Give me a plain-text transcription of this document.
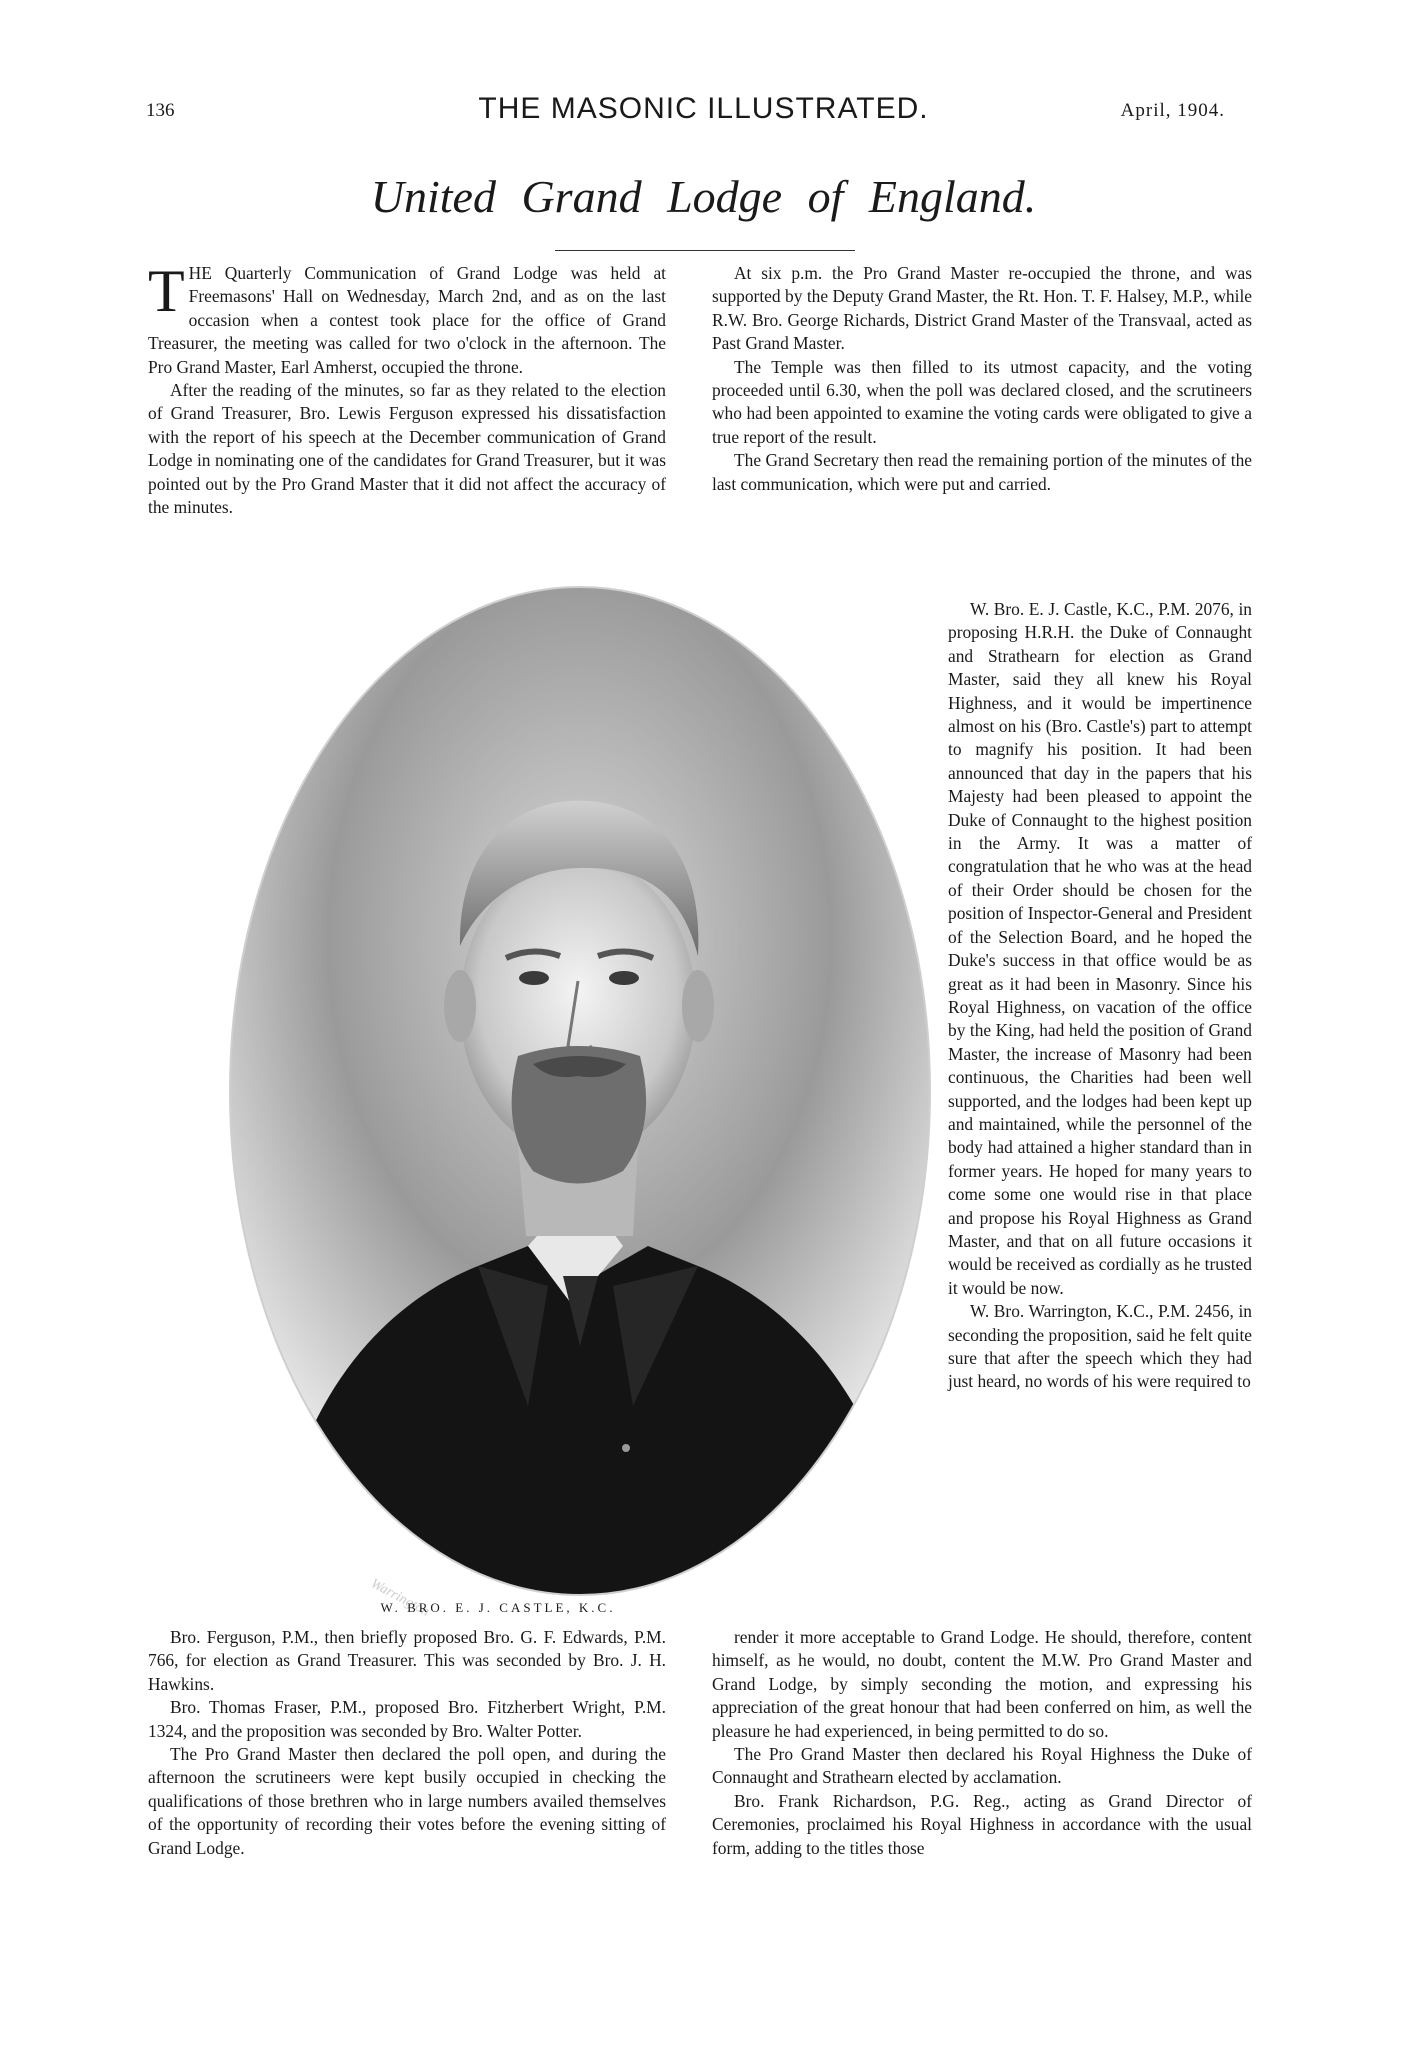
136	THE MASONIC ILLUSTRATED.	April, 1904.
United Grand Lodge of England.

THE Quarterly Communication of Grand Lodge was held at Freemasons' Hall on Wednesday, March 2nd, and as on the last occasion when a contest took place for the office of Grand Treasurer, the meeting was called for two o'clock in the afternoon. The Pro Grand Master, Earl Amherst, occupied the throne.

After the reading of the minutes, so far as they related to the election of Grand Treasurer, Bro. Lewis Ferguson expressed his dissatisfaction with the report of his speech at the December communication of Grand Lodge in nominating one of the candidates for Grand Treasurer, but it was pointed out by the Pro Grand Master that it did not affect the accuracy of the minutes.

Warrington
W. BRO. E. J. CASTLE, K.C.

Bro. Ferguson, P.M., then briefly proposed Bro. G. F. Edwards, P.M. 766, for election as Grand Treasurer. This was seconded by Bro. J. H. Hawkins.

Bro. Thomas Fraser, P.M., proposed Bro. Fitzherbert Wright, P.M. 1324, and the proposition was seconded by Bro. Walter Potter.

The Pro Grand Master then declared the poll open, and during the afternoon the scrutineers were kept busily occupied in checking the qualifications of those brethren who in large numbers availed themselves of the opportunity of recording their votes before the evening sitting of Grand Lodge.

At six p.m. the Pro Grand Master re-occupied the throne, and was supported by the Deputy Grand Master, the Rt. Hon. T. F. Halsey, M.P., while R.W. Bro. George Richards, District Grand Master of the Transvaal, acted as Past Grand Master.

The Temple was then filled to its utmost capacity, and the voting proceeded until 6.30, when the poll was declared closed, and the scrutineers who had been appointed to examine the voting cards were obligated to give a true report of the result.

The Grand Secretary then read the remaining portion of the minutes of the last communication, which were put and carried.

W. Bro. E. J. Castle, K.C., P.M. 2076, in proposing H.R.H. the Duke of Connaught and Strathearn for election as Grand Master, said they all knew his Royal Highness, and it would be impertinence almost on his (Bro. Castle's) part to attempt to magnify his position. It had been announced that day in the papers that his Majesty had been pleased to appoint the Duke of Connaught to the highest position in the Army. It was a matter of congratulation that he who was at the head of their Order should be chosen for the position of Inspector-General and President of the Selection Board, and he hoped the Duke's success in that office would be as great as it had been in Masonry. Since his Royal Highness, on vacation of the office by the King, had held the position of Grand Master, the increase of Masonry had been continuous, the Charities had been well supported, and the lodges had been kept up and maintained, while the personnel of the body had attained a higher standard than in former years. He hoped for many years to come some one would rise in that place and propose his Royal Highness as Grand Master, and that on all future occasions it would be received as cordially as he trusted it would be now.

W. Bro. Warrington, K.C., P.M. 2456, in seconding the proposition, said he felt quite sure that after the speech which they had just heard, no words of his were required to

render it more acceptable to Grand Lodge. He should, therefore, content himself, as he would, no doubt, content the M.W. Pro Grand Master and Grand Lodge, by simply seconding the motion, and expressing his appreciation of the great honour that had been conferred on him, as well the pleasure he had experienced, in being permitted to do so.

The Pro Grand Master then declared his Royal Highness the Duke of Connaught and Strathearn elected by acclamation.

Bro. Frank Richardson, P.G. Reg., acting as Grand Director of Ceremonies, proclaimed his Royal Highness in accordance with the usual form, adding to the titles those
